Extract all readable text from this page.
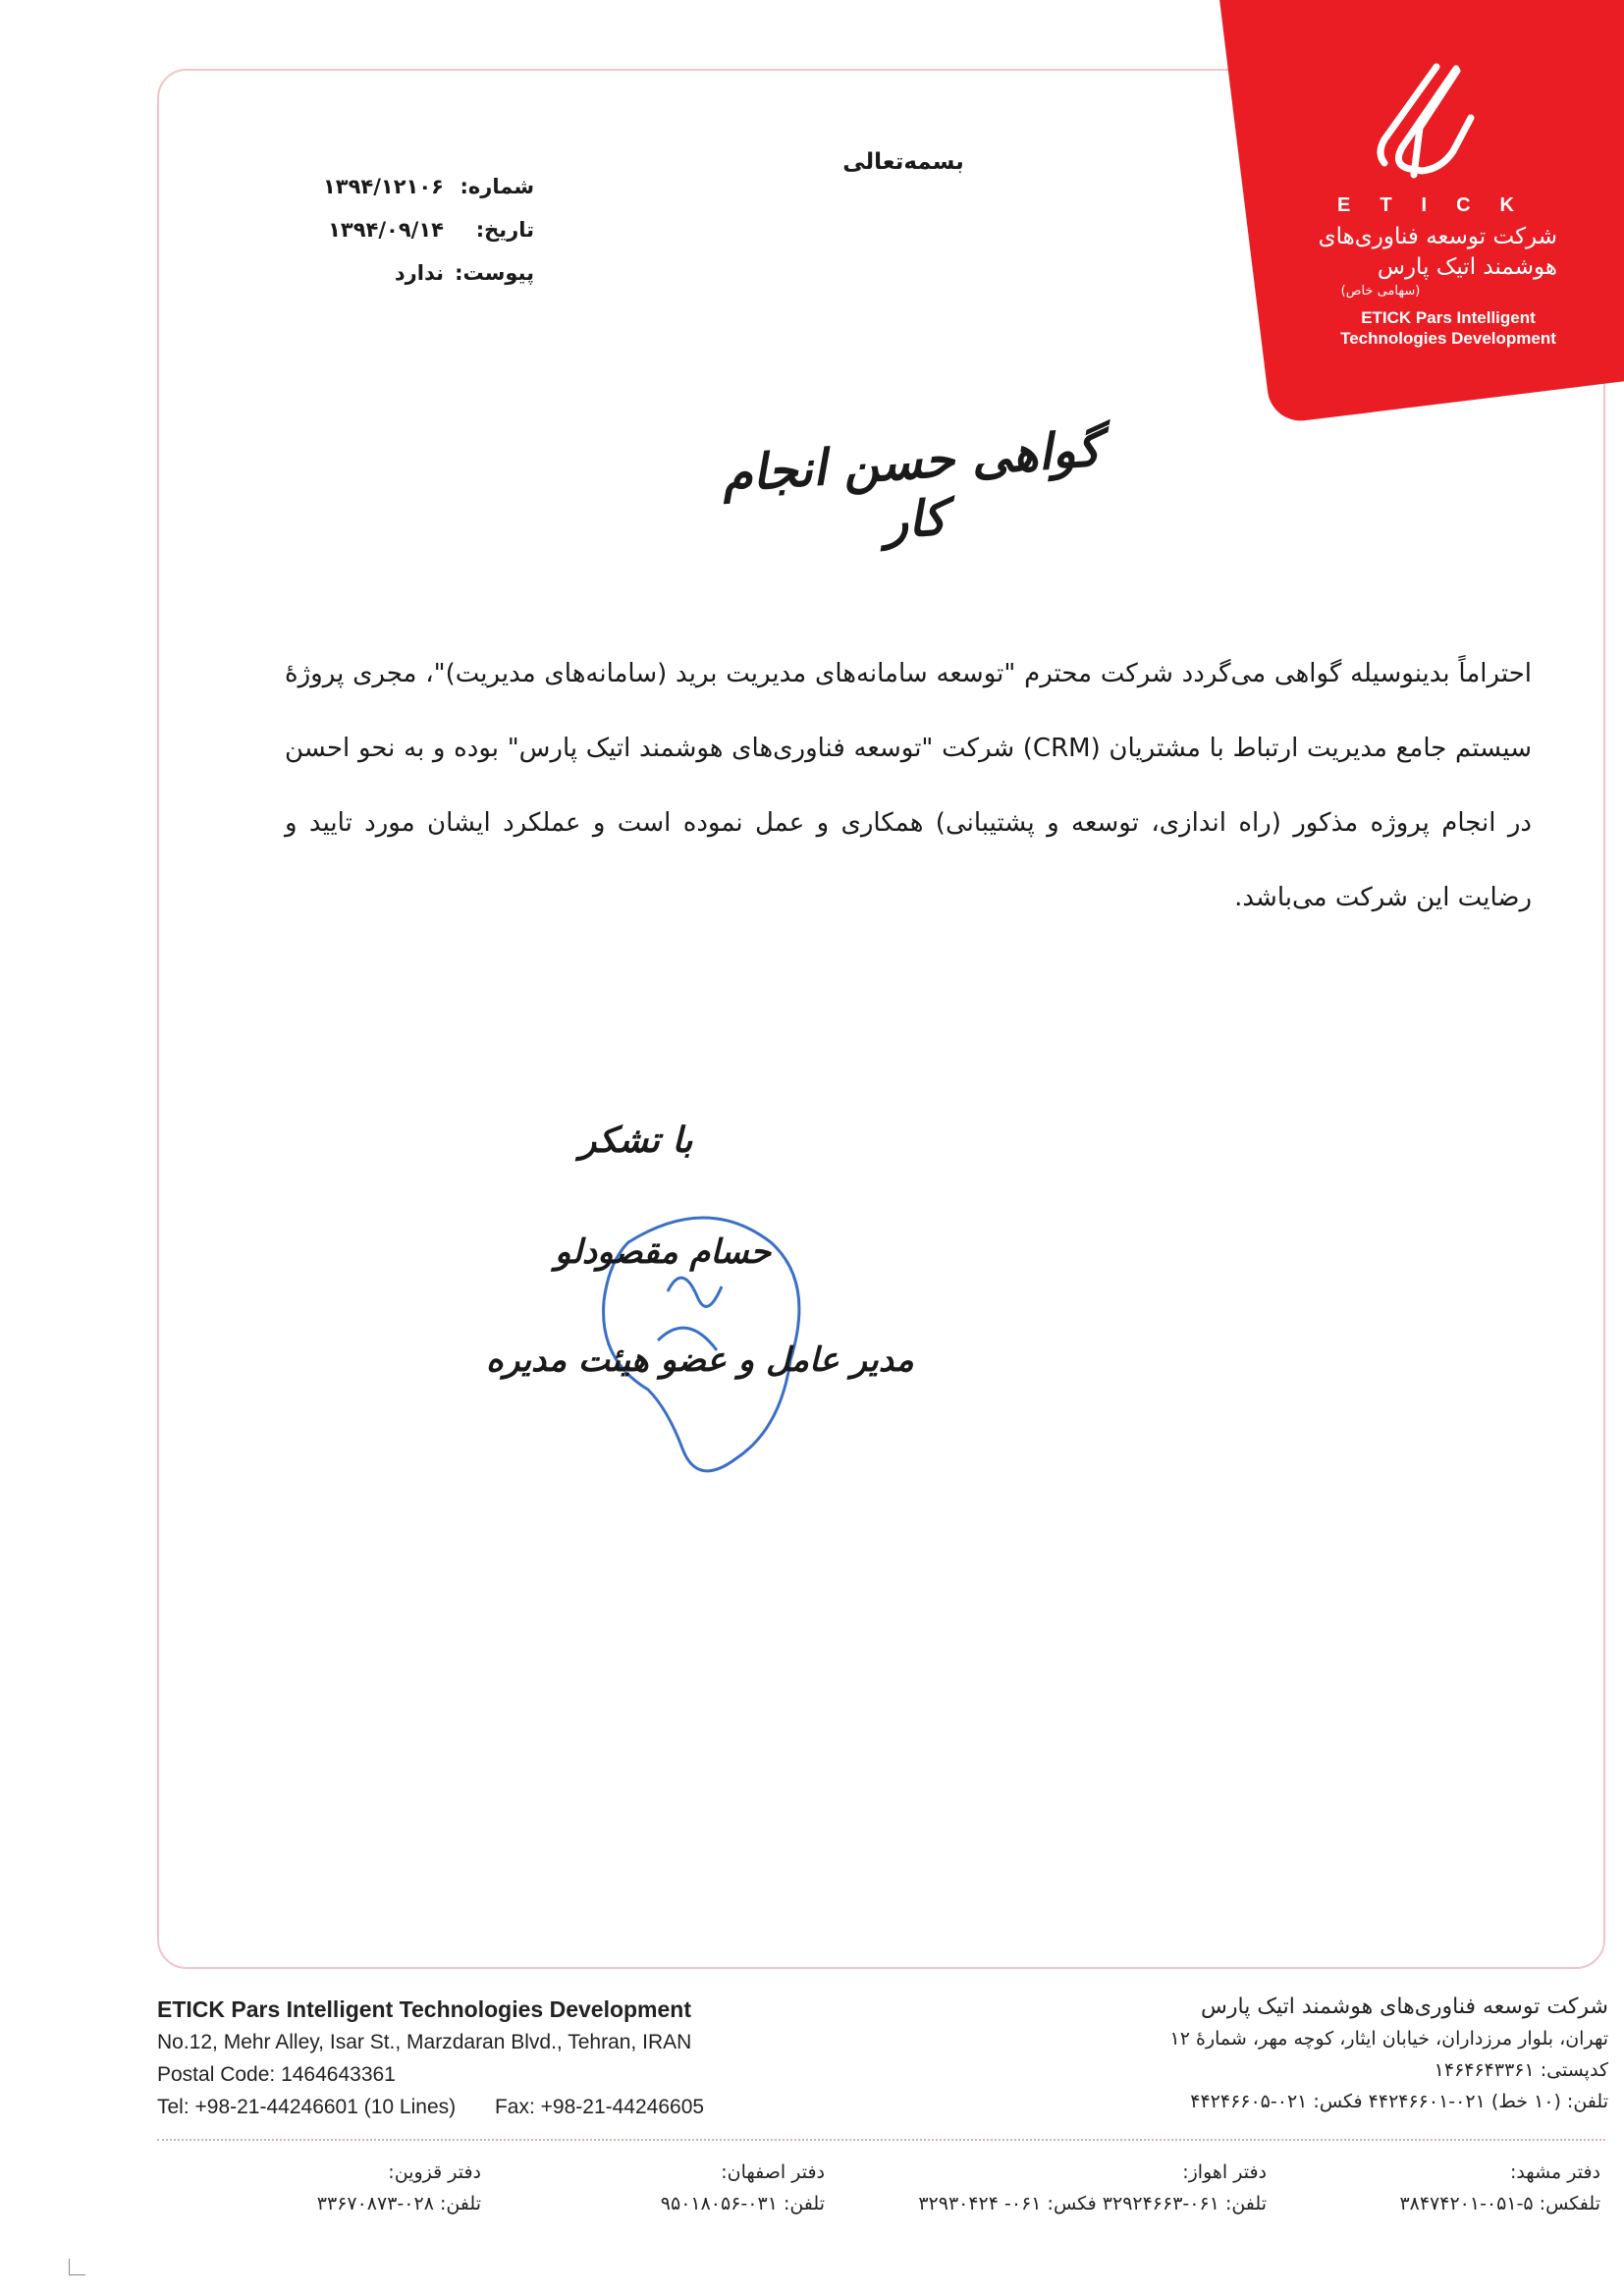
ETICK
شرکت توسعه فناوری‌های
هوشمند اتیک پارس
(سهامی خاص)
ETICK Pars Intelligent
Technologies Development
بسمه‌تعالی
شماره:
۱۳۹۴/۱۲۱۰۶
تاریخ:
۱۳۹۴/۰۹/۱۴
پیوست:
ندارد
گواهی حسن انجام کار
احتراماً بدینوسیله گواهی می‌گردد شرکت محترم "توسعه سامانه‌های مدیریت برید (سامانه‌های مدیریت)"، مجری پروژهٔ سیستم جامع مدیریت ارتباط با مشتریان (CRM) شرکت "توسعه فناوری‌های هوشمند اتیک پارس" بوده و به نحو احسن در انجام پروژه مذکور (راه اندازی، توسعه و پشتیبانی) همکاری و عمل نموده است و عملکرد ایشان مورد تایید و رضایت این شرکت می‌باشد.
با تشکر
حسام مقصودلو
مدیر عامل و عضو هیئت مدیره
ETICK Pars Intelligent Technologies Development
No.12, Mehr Alley, Isar St., Marzdaran Blvd., Tehran, IRAN
Postal Code: 1464643361
Tel: +98-21-44246601 (10 Lines) Fax: +98-21-44246605
شرکت توسعه فناوری‌های هوشمند اتیک پارس
تهران، بلوار مرزداران، خیابان ایثار، کوچه مهر، شمارهٔ ۱۲
کدپستی: ۱۴۶۴۶۴۳۳۶۱
تلفن: (۱۰ خط) ۰۲۱-۴۴۲۴۶۶۰۱ فکس: ۰۲۱-۴۴۲۴۶۶۰۵
دفتر مشهد:
تلفکس: ۵-۰۵۱-۳۸۴۷۴۲۰۱
دفتر اهواز:
تلفن: ۰۶۱-۳۲۹۲۴۶۶۳ فکس: ۰۶۱- ۳۲۹۳۰۴۲۴
دفتر اصفهان:
تلفن: ۰۳۱-۹۵۰۱۸۰۵۶
دفتر قزوین:
تلفن: ۰۲۸-۳۳۶۷۰۸۷۳
